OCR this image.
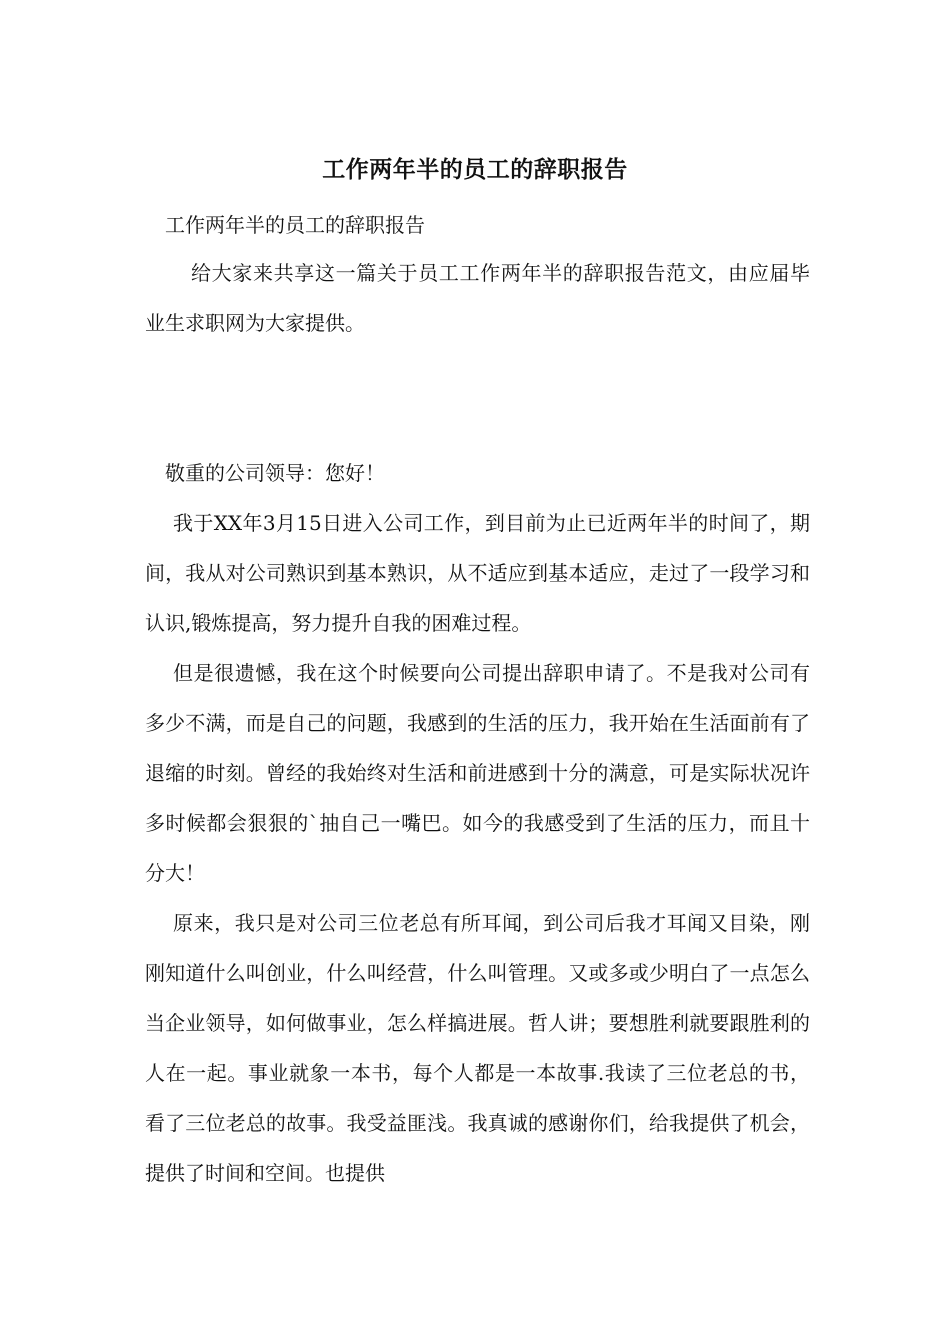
工作两年半的员工的辞职报告
工作两年半的员工的辞职报告

给大家来共享这一篇关于员工工作两年半的辞职报告范文，由应届毕业生求职网为大家提供。

敬重的公司领导：您好！

我于XX年3月15日进入公司工作，到目前为止已近两年半的时间了，期间，我从对公司熟识到基本熟识，从不适应到基本适应，走过了一段学习和认识,锻炼提高，努力提升自我的困难过程。

但是很遗憾，我在这个时候要向公司提出辞职申请了。不是我对公司有多少不满，而是自己的问题，我感到的生活的压力，我开始在生活面前有了退缩的时刻。曾经的我始终对生活和前进感到十分的满意，可是实际状况许多时候都会狠狠的`抽自己一嘴巴。如今的我感受到了生活的压力，而且十分大！

原来，我只是对公司三位老总有所耳闻，到公司后我才耳闻又目染，刚刚知道什么叫创业，什么叫经营，什么叫管理。又或多或少明白了一点怎么当企业领导，如何做事业，怎么样搞进展。哲人讲；要想胜利就要跟胜利的人在一起。事业就象一本书，每个人都是一本故事.我读了三位老总的书，看了三位老总的故事。我受益匪浅。我真诚的感谢你们，给我提供了机会，提供了时间和空间。也提供
